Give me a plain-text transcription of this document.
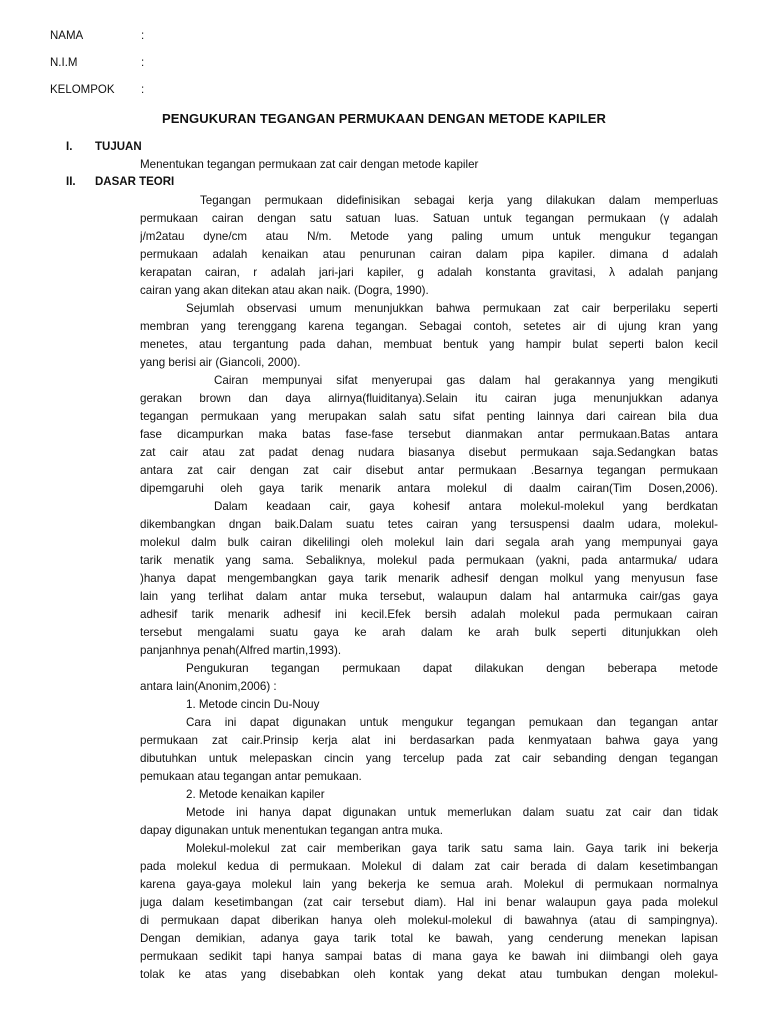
NAMA	:
N.I.M	:
KELOMPOK :
PENGUKURAN TEGANGAN PERMUKAAN DENGAN METODE KAPILER
I. TUJUAN
II. DASAR TEORI
Menentukan tegangan permukaan zat cair dengan metode kapiler
Tegangan permukaan didefinisikan sebagai kerja yang dilakukan dalam memperluas
permukaan cairan dengan satu satuan luas. Satuan untuk tegangan permukaan (γ adalah
j/m2atau dyne/cm atau N/m. Metode yang paling umum untuk mengukur tegangan
permukaan adalah kenaikan atau penurunan cairan dalam pipa kapiler. dimana d adalah
kerapatan cairan, r adalah jari-jari kapiler, g adalah konstanta gravitasi, λ adalah panjang
cairan yang akan ditekan atau akan naik. (Dogra, 1990).
Sejumlah observasi umum menunjukkan bahwa permukaan zat cair berperilaku seperti
membran yang terenggang karena tegangan. Sebagai contoh, setetes air di ujung kran yang
menetes, atau tergantung pada dahan, membuat bentuk yang hampir bulat seperti balon kecil
yang berisi air (Giancoli, 2000).
Cairan mempunyai sifat menyerupai gas dalam hal gerakannya yang mengikuti
gerakan brown dan daya alirnya(fluiditanya).Selain itu cairan juga menunjukkan adanya
tegangan permukaan yang merupakan salah satu sifat penting lainnya dari cairean bila dua
fase dicampurkan maka batas fase-fase tersebut dianmakan antar permukaan.Batas antara
zat cair atau zat padat denag nudara biasanya disebut permukaan saja.Sedangkan batas
antara zat cair dengan zat cair disebut antar permukaan .Besarnya tegangan permukaan
dipemgaruhi oleh gaya tarik menarik antara molekul di daalm cairan(Tim Dosen,2006).
Dalam keadaan cair, gaya kohesif antara molekul-molekul yang berdkatan
dikembangkan dngan baik.Dalam suatu tetes cairan yang tersuspensi daalm udara, molekul-
molekul dalm bulk cairan dikelilingi oleh molekul lain dari segala arah yang mempunyai gaya
tarik menatik yang sama. Sebaliknya, molekul pada permukaan (yakni, pada antarmuka/ udara
)hanya dapat mengembangkan gaya tarik menarik adhesif dengan molkul yang menyusun fase
lain yang terlihat dalam antar muka tersebut, walaupun dalam hal antarmuka cair/gas gaya
adhesif tarik menarik adhesif ini kecil.Efek bersih adalah molekul pada permukaan cairan
tersebut mengalami suatu gaya ke arah dalam ke arah bulk seperti ditunjukkan oleh
panjanhnya penah(Alfred martin,1993).
Pengukuran tegangan permukaan dapat dilakukan dengan beberapa metode
antara lain(Anonim,2006) :
1. Metode cincin Du-Nouy
Cara ini dapat digunakan untuk mengukur tegangan pemukaan dan tegangan antar
permukaan zat cair.Prinsip kerja alat ini berdasarkan pada kenmyataan bahwa gaya yang
dibutuhkan untuk melepaskan cincin yang tercelup pada zat cair sebanding dengan tegangan
pemukaan atau tegangan antar pemukaan.
2. Metode kenaikan kapiler
Metode ini hanya dapat digunakan untuk memerlukan dalam suatu zat cair dan tidak
dapay digunakan untuk menentukan tegangan antra muka.
Molekul-molekul zat cair memberikan gaya tarik satu sama lain. Gaya tarik ini bekerja
pada molekul kedua di permukaan. Molekul di dalam zat cair berada di dalam kesetimbangan
karena gaya-gaya molekul lain yang bekerja ke semua arah. Molekul di permukaan normalnya
juga dalam kesetimbangan (zat cair tersebut diam). Hal ini benar walaupun gaya pada molekul
di permukaan dapat diberikan hanya oleh molekul-molekul di bawahnya (atau di sampingnya).
Dengan demikian, adanya gaya tarik total ke bawah, yang cenderung menekan lapisan
permukaan sedikit tapi hanya sampai batas di mana gaya ke bawah ini diimbangi oleh gaya
tolak ke atas yang disebabkan oleh kontak yang dekat atau tumbukan dengan molekul-
